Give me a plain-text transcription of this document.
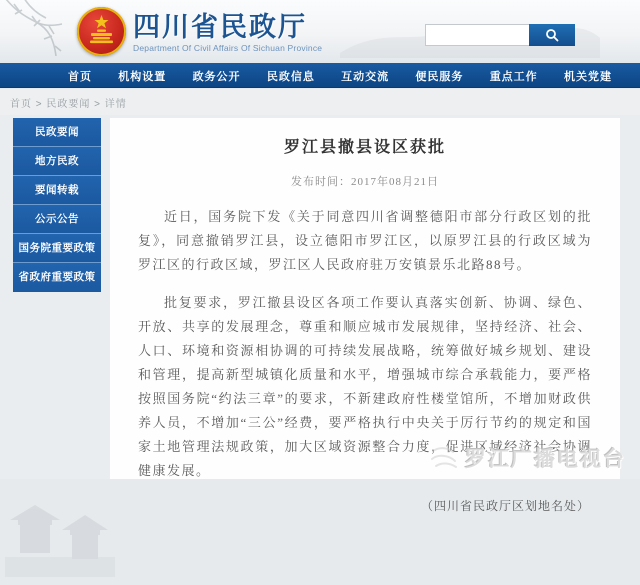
四川省民政厅
Department Of Civil Affairs Of Sichuan Province
首页 机构设置 政务公开 民政信息 互动交流 便民服务 重点工作 机关党建
首页 > 民政要闻 > 详情
民政要闻
地方民政
要闻转载
公示公告
国务院重要政策
省政府重要政策
罗江县撤县设区获批
发布时间：2017年08月21日

近日，国务院下发《关于同意四川省调整德阳市部分行政区划的批复》，同意撤销罗江县，设立德阳市罗江区，以原罗江县的行政区域为罗江区的行政区域，罗江区人民政府驻万安镇景乐北路88号。

批复要求，罗江撤县设区各项工作要认真落实创新、协调、绿色、开放、共享的发展理念，尊重和顺应城市发展规律，坚持经济、社会、人口、环境和资源相协调的可持续发展战略，统筹做好城乡规划、建设和管理，提高新型城镇化质量和水平，增强城市综合承载能力，要严格按照国务院“约法三章”的要求，不新建政府性楼堂馆所，不增加财政供养人员，不增加“三公”经费，要严格执行中央关于厉行节约的规定和国家土地管理法规政策，加大区域资源整合力度，促进区域经济社会协调健康发展。

（四川省民政厅区划地名处）
罗江广播电视台
